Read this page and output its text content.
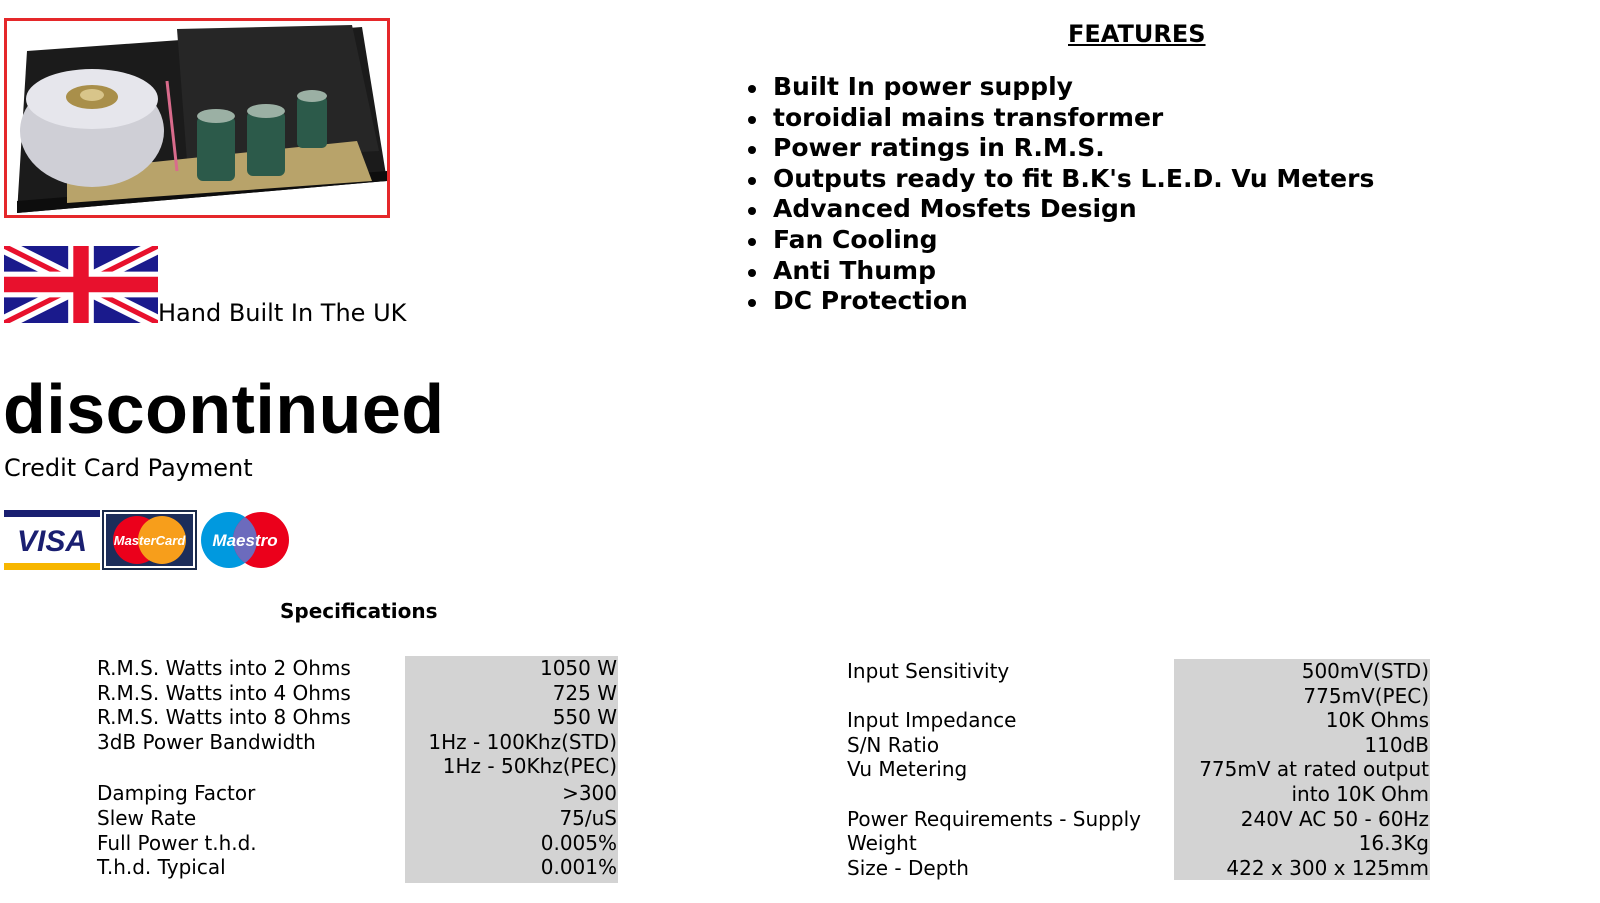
Hand Built In The UK
discontinued
Credit Card Payment
VISA MasterCard Maestro
FEATURES
Built In power supply
toroidial mains transformer
Power ratings in R.M.S.
Outputs ready to fit B.K's L.E.D. Vu Meters
Advanced Mosfets Design
Fan Cooling
Anti Thump
DC Protection
Specifications
R.M.S. Watts into 2 Ohms
R.M.S. Watts into 4 Ohms
R.M.S. Watts into 8 Ohms
3dB Power Bandwidth
Damping Factor
Slew Rate
Full Power t.h.d.
T.h.d. Typical
1050 W
725 W
550 W
1Hz - 100Khz(STD)
1Hz - 50Khz(PEC)
>300
75/uS
0.005%
0.001%
Input Sensitivity
Input Impedance
S/N Ratio
Vu Metering
Power Requirements - Supply
Weight
Size - Depth
500mV(STD)
775mV(PEC)
10K Ohms
110dB
775mV at rated output
into 10K Ohm
240V AC 50 - 60Hz
16.3Kg
422 x 300 x 125mm
